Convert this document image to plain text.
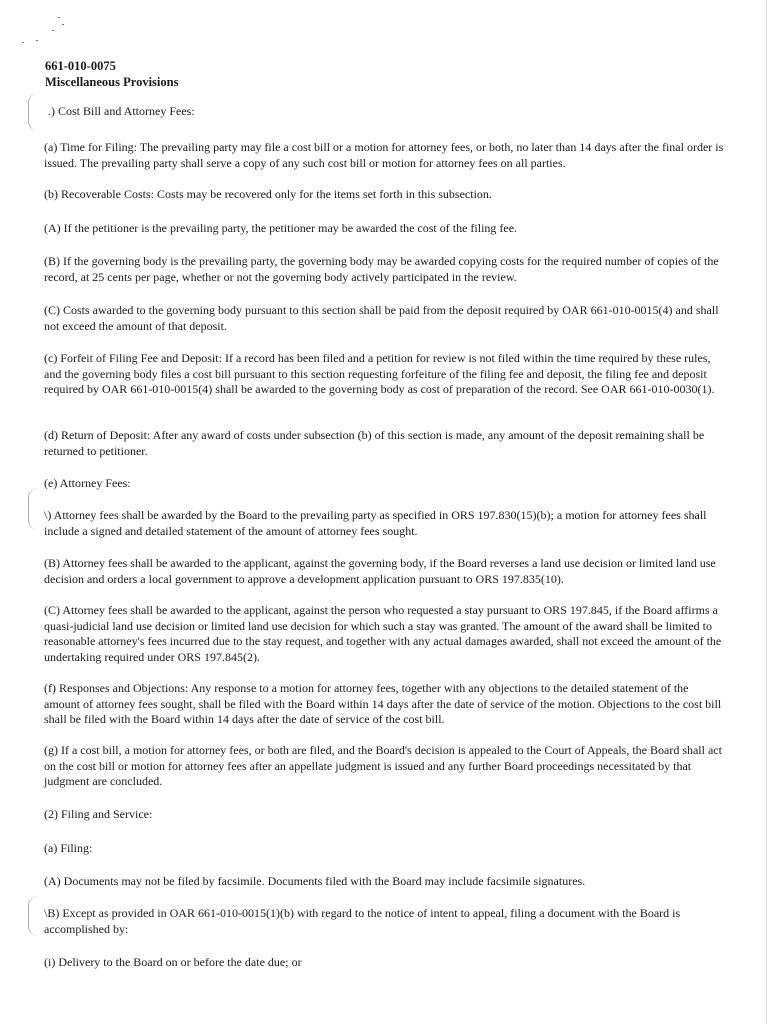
661-010-0075
Miscellaneous Provisions
.) Cost Bill and Attorney Fees:
(a) Time for Filing: The prevailing party may file a cost bill or a motion for attorney fees, or both, no later than 14 days after the final order is issued. The prevailing party shall serve a copy of any such cost bill or motion for attorney fees on all parties.
(b) Recoverable Costs: Costs may be recovered only for the items set forth in this subsection.
(A) If the petitioner is the prevailing party, the petitioner may be awarded the cost of the filing fee.
(B) If the governing body is the prevailing party, the governing body may be awarded copying costs for the required number of copies of the record, at 25 cents per page, whether or not the governing body actively participated in the review.
(C) Costs awarded to the governing body pursuant to this section shall be paid from the deposit required by OAR 661-010-0015(4) and shall not exceed the amount of that deposit.
(c) Forfeit of Filing Fee and Deposit: If a record has been filed and a petition for review is not filed within the time required by these rules, and the governing body files a cost bill pursuant to this section requesting forfeiture of the filing fee and deposit, the filing fee and deposit required by OAR 661-010-0015(4) shall be awarded to the governing body as cost of preparation of the record. See OAR 661-010-0030(1).
(d) Return of Deposit: After any award of costs under subsection (b) of this section is made, any amount of the deposit remaining shall be returned to petitioner.
(e) Attorney Fees:
\) Attorney fees shall be awarded by the Board to the prevailing party as specified in ORS 197.830(15)(b); a motion for attorney fees shall include a signed and detailed statement of the amount of attorney fees sought.
(B) Attorney fees shall be awarded to the applicant, against the governing body, if the Board reverses a land use decision or limited land use decision and orders a local government to approve a development application pursuant to ORS 197.835(10).
(C) Attorney fees shall be awarded to the applicant, against the person who requested a stay pursuant to ORS 197.845, if the Board affirms a quasi-judicial land use decision or limited land use decision for which such a stay was granted. The amount of the award shall be limited to reasonable attorney's fees incurred due to the stay request, and together with any actual damages awarded, shall not exceed the amount of the undertaking required under ORS 197.845(2).
(f) Responses and Objections: Any response to a motion for attorney fees, together with any objections to the detailed statement of the amount of attorney fees sought, shall be filed with the Board within 14 days after the date of service of the motion. Objections to the cost bill shall be filed with the Board within 14 days after the date of service of the cost bill.
(g) If a cost bill, a motion for attorney fees, or both are filed, and the Board's decision is appealed to the Court of Appeals, the Board shall act on the cost bill or motion for attorney fees after an appellate judgment is issued and any further Board proceedings necessitated by that judgment are concluded.
(2) Filing and Service:
(a) Filing:
(A) Documents may not be filed by facsimile. Documents filed with the Board may include facsimile signatures.
\B) Except as provided in OAR 661-010-0015(1)(b) with regard to the notice of intent to appeal, filing a document with the Board is accomplished by:
(i) Delivery to the Board on or before the date due; or
